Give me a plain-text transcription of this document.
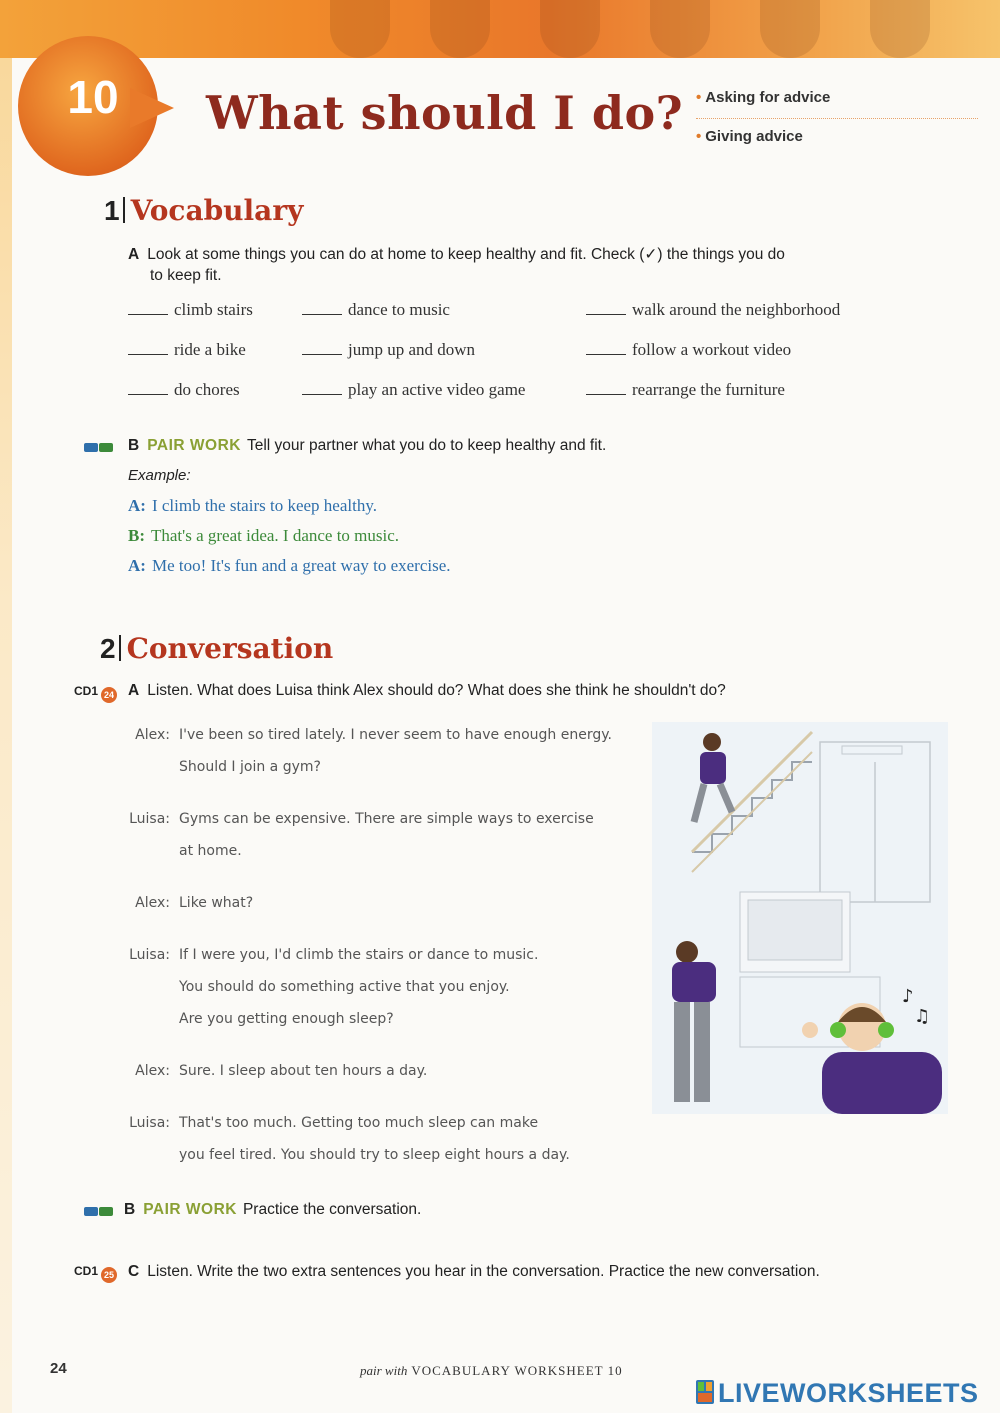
10	What should I do? • Asking for advice
• Giving advice
1 Vocabulary
A Look at some things you can do at home to keep healthy and fit. Check (✓) the things you do
to keep fit.
climb stairs	dance to music	walk around the neighborhood
ride a bike	jump up and down	follow a workout video
do chores	play an active video game	rearrange the furniture
B PAIR WORK Tell your partner what you do to keep healthy and fit.
Example:
A: I climb the stairs to keep healthy.
B: That's a great idea. I dance to music.
A: Me too! It's fun and a great way to exercise.
2 Conversation
CD1 24 A Listen. What does Luisa think Alex should do? What does she think he shouldn't do?
Alex: I've been so tired lately. I never seem to have enough energy.
Should I join a gym?
Luisa: Gyms can be expensive. There are simple ways to exercise
at home.
Alex: Like what?
Luisa: If I were you, I'd climb the stairs or dance to music.
You should do something active that you enjoy.
Are you getting enough sleep?
Alex: Sure. I sleep about ten hours a day.
Luisa: That's too much. Getting too much sleep can make
you feel tired. You should try to sleep eight hours a day.
♪
♫
B PAIR WORK Practice the conversation.
CD1 25 C Listen. Write the two extra sentences you hear in the conversation. Practice the new conversation.
24	pair with VOCABULARY WORKSHEET 10
LIVEWORKSHEETS
